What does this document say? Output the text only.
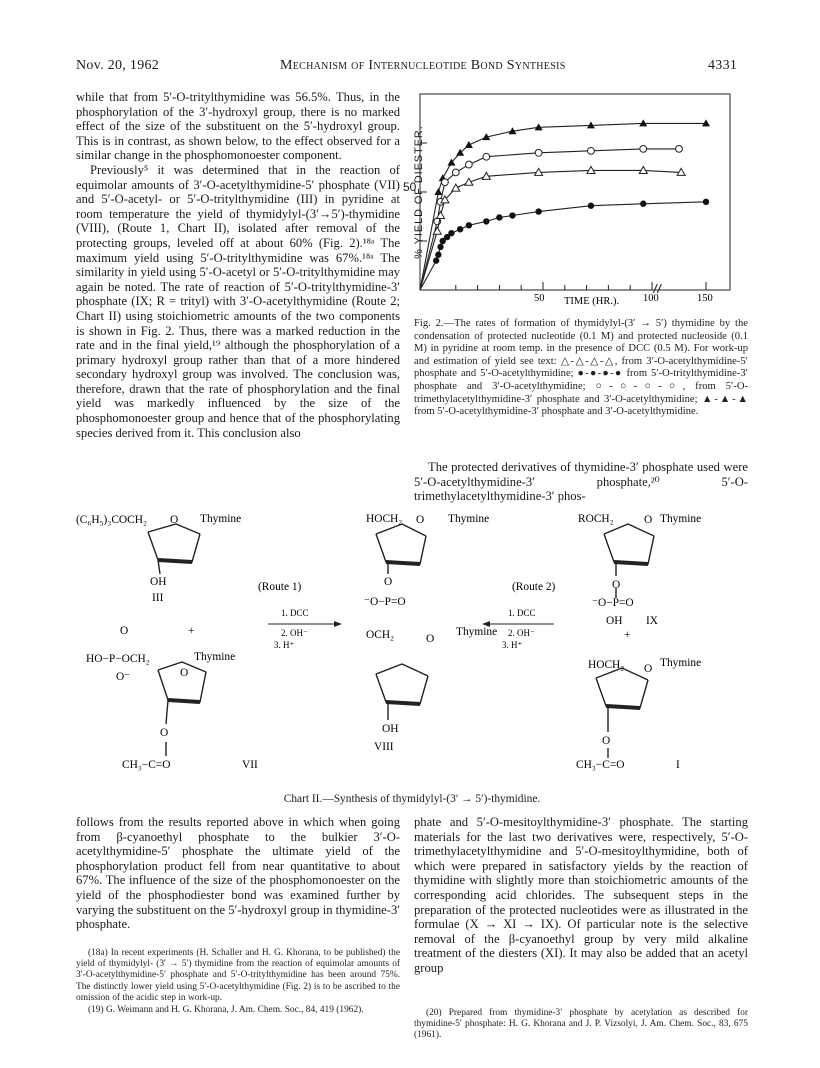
Nov. 20, 1962	Mechanism of Internucleotide Bond Synthesis	4331

while that from 5′-O-tritylthymidine was 56.5%. Thus, in the phosphorylation of the 3′-hydroxyl group, there is no marked effect of the size of the substituent on the 5′-hydroxyl group. This is in contrast, as shown below, to the effect observed for a similar change in the phosphomonoester component.

Previously⁵ it was determined that in the reaction of equimolar amounts of 3′-O-acetylthymidine-5′ phosphate (VII) and 5′-O-acetyl- or 5′-O-tritylthymidine (III) in pyridine at room temperature the yield of thymidylyl-(3′→5′)-thymidine (VIII), (Route 1, Chart II), isolated after removal of the protecting groups, leveled off at about 60% (Fig. 2).¹⁸ᵃ The maximum yield using 5′-O-tritylthymidine was 67%.¹⁸ᵃ The similarity in yield using 5′-O-acetyl or 5′-O-tritylthymidine may again be noted. The rate of reaction of 5′-O-tritylthymidine-3′ phosphate (IX; R = trityl) with 3′-O-acetylthymidine (Route 2; Chart II) using stoichiometric amounts of the two components is shown in Fig. 2. Thus, there was a marked reduction in the rate and in the final yield,¹⁹ although the phosphorylation of a primary hydroxyl group rather than that of a more hindered secondary hydroxyl group was involved. The conclusion was, therefore, drawn that the rate of phosphorylation and the final yield was markedly influenced by the size of the phosphomonoester group and hence that of the phosphorylating species derived from it. This conclusion also

50	100	150
TIME (HR.).
% YIELD OF DIESTER.
50
Fig. 2.—The rates of formation of thymidylyl-(3′ → 5′) thymidine by the condensation of protected nucleotide (0.1 M) and protected nucleoside (0.1 M) in pyridine at room temp. in the presence of DCC (0.5 M). For work-up and estimation of yield see text: △-△-△-△, from 3′-O-acetylthymidine-5′ phosphate and 5′-O-acetylthymidine; ●-●-●-● from 5′-O-tritylthymidine-3′ phosphate and 3′-O-acetylthymidine; ○-○-○-○, from 5′-O-trimethylacetylthymidine-3′ phosphate and 3′-O-acetylthymidine; ▲-▲-▲ from 5′-O-acetylthymidine-3′ phosphate and 3′-O-acetylthymidine.
The protected derivatives of thymidine-3′ phosphate used were 5′-O-acetylthymidine-3′ phosphate,²⁰ 5′-O-trimethylacetylthymidine-3′ phos-
(C₆H₅)₃COCH₂ O Thymine
OH
III
(Route 1)
1. DCC
2. OH⁻
3. H⁺
O	+
HO−P−OCH₂	Thymine
O
O⁻
O
CH₃−C=O	VII
HOCH₂ O Thymine
O
⁻O−P=O
OCH₂	O
Thymine
OH
VIII
(Route 2)
1. DCC
2. OH⁻
3. H⁺
ROCH₂	O Thymine
O
⁻O−P=O
OH IX
+
HOCH₂ O Thymine
O
CH₃−C=O	I
Chart II.—Synthesis of thymidylyl-(3′ → 5′)-thymidine.
follows from the results reported above in which when going from β-cyanoethyl phosphate to the bulkier 3′-O-acetylthymidine-5′ phosphate the ultimate yield of the phosphorylation product fell from near quantitative to about 67%. The influence of the size of the phosphomonoester on the yield of the phosphodiester bond was examined further by varying the substituent on the 5′-hydroxyl group in thymidine-3′ phosphate.
phate and 5′-O-mesitoylthymidine-3′ phosphate. The starting materials for the last two derivatives were, respectively, 5′-O-trimethylacetylthymidine and 5′-O-mesitoylthymidine, both of which were prepared in satisfactory yields by the reaction of thymidine with slightly more than stoichiometric amounts of the corresponding acid chlorides. The subsequent steps in the preparation of the protected nucleotides were as illustrated in the formulae (X → XI → IX). Of particular note is the selective removal of the β-cyanoethyl group by very mild alkaline treatment of the diesters (XI). It may also be added that an acetyl group

(18a) In recent experiments (H. Schaller and H. G. Khorana, to be published) the yield of thymidylyl- (3′ → 5′) thymidine from the reaction of equimolar amounts of 3′-O-acetylthymidine-5′ phosphate and 5′-O-tritylthymidine has been around 75%. The distinctly lower yield using 5′-O-acetylthymidine (Fig. 2) is to be ascribed to the omission of the acidic step in work-up.

(19) G. Weimann and H. G. Khorana, J. Am. Chem. Soc., 84, 419 (1962).	(20) Prepared from thymidine-3′ phosphate by acetylation as described for thymidine-5′ phosphate: H. G. Khorana and J. P. Vizsolyi, J. Am. Chem. Soc., 83, 675 (1961).
